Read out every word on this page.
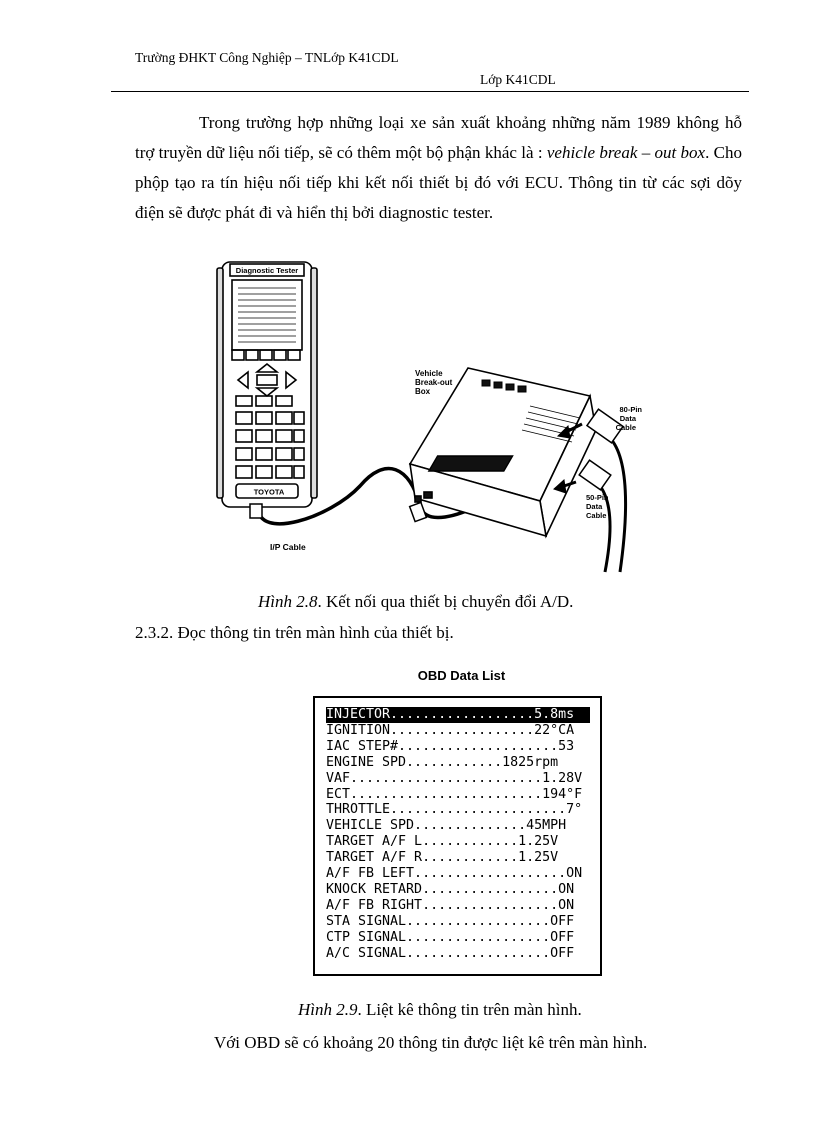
Trường ĐHKT Công Nghiệp – TNLớp K41CDL
Lớp K41CDL
Trong trường hợp những loại xe sản xuất khoảng những năm 1989 không hỗ trợ truyền dữ liệu nối tiếp, sẽ có thêm một bộ phận khác là : vehicle break – out box. Cho phộp tạo ra tín hiệu nối tiếp khi kết nối thiết bị đó với ECU. Thông tin từ các sợi dõy điện sẽ được phát đi và hiển thị bởi diagnostic tester.
Diagnostic Tester
TOYOTA
I/P Cable
Vehicle
Break-out
Box
80-Pin
Data
Cable
50-Pin
Data
Cable
Hình 2.8. Kết nối qua thiết bị chuyển đổi A/D.
2.3.2. Đọc thông tin trên màn hình của thiết bị.
OBD Data List
INJECTOR..................5.8ms
IGNITION..................22°CA
IAC STEP#....................53
ENGINE SPD............1825rpm
VAF........................1.28V
ECT........................194°F
THROTTLE......................7°
VEHICLE SPD..............45MPH
TARGET A/F L............1.25V
TARGET A/F R............1.25V
A/F FB LEFT...................ON
KNOCK RETARD.................ON
A/F FB RIGHT.................ON
STA SIGNAL..................OFF
CTP SIGNAL..................OFF
A/C SIGNAL..................OFF
Hình 2.9. Liệt kê thông tin trên màn hình.
Với OBD sẽ có khoảng 20 thông tin được liệt kê trên màn hình.
